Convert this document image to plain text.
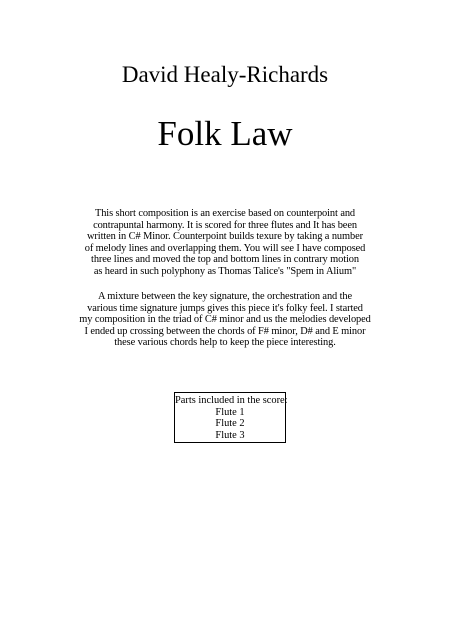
David Healy-Richards
Folk Law
This short composition is an exercise based on counterpoint and
contrapuntal harmony. It is scored for three flutes and It has been
written in C# Minor. Counterpoint builds texure by taking a number
of melody lines and overlapping them. You will see I have composed
three lines and moved the top and bottom lines in contrary motion
as heard in such polyphony as Thomas Talice's "Spem in Alium"
A mixture between the key signature, the orchestration and the
various time signature jumps gives this piece it's folky feel. I started
my composition in the triad of C# minor and us the melodies developed
I ended up crossing between the chords of F# minor, D# and E minor
these various chords help to keep the piece interesting.
Parts included in the score:
Flute 1
Flute 2
Flute 3
